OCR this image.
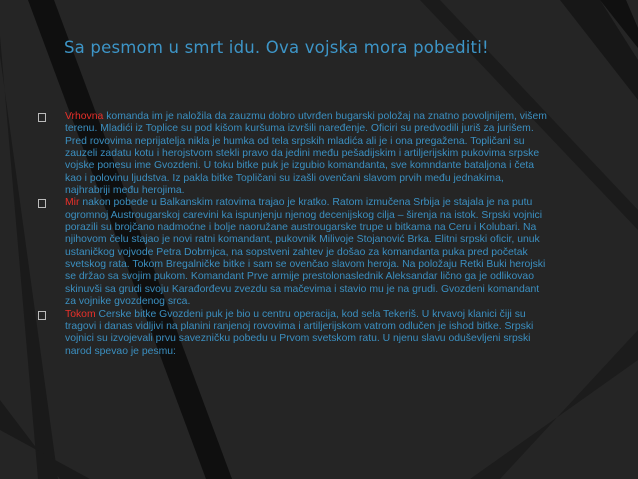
Sa pesmom u smrt idu. Ova vojska mora pobediti!
Vrhovna komanda im je naložila da zauzmu dobro utvrđen bugarski položaj na znatno povoljnijem, višem terenu. Mladići iz Toplice su pod kišom kuršuma izvršili naređenje. Oficiri su predvodili juriš za jurišem. Pred rovovima neprijatelja nikla je humka od tela srpskih mladića ali je i ona pregažena. Topličani su zauzeli zadatu kotu i herojstvom stekli pravo da jedini među pešadijskim i artiljerijskim pukovima srpske vojske ponesu ime Gvozdeni. U toku bitke puk je izgubio komandanta, sve komndante bataljona i četa kao i polovinu ljudstva. Iz pakla bitke Topličani su izašli ovenčani slavom prvih među jednakima, najhrabriji među herojima.
Mir nakon pobede u Balkanskim ratovima trajao je kratko. Ratom izmučena Srbija je stajala je na putu ogromnoj Austrougarskoj carevini ka ispunjenju njenog decenijskog cilja – širenja na istok. Srpski vojnici porazili su brojčano nadmoćne i bolje naoružane austrougarske trupe u bitkama na Ceru i Kolubari. Na njihovom čelu stajao je novi ratni komandant, pukovnik Milivoje Stojanović Brka. Elitni srpski oficir, unuk ustaničkog vojvode Petra Dobrnjca, na sopstveni zahtev je došao za komandanta puka pred početak svetskog rata. Tokom Bregalničke bitke i sam se ovenčao slavom heroja. Na položaju Retki Buki herojski se držao sa svojim pukom. Komandant Prve armije prestolonaslednik Aleksandar lično ga je odlikovao skinuvši sa grudi svoju Karađorđevu zvezdu sa mačevima i stavio mu je na grudi. Gvozdeni komandant za vojnike gvozdenog srca.
Tokom Cerske bitke Gvozdeni puk je bio u centru operacija, kod sela Tekeriš. U krvavoj klanici čiji su tragovi i danas vidljivi na planini ranjenoj rovovima i artiljerijskom vatrom odlučen je ishod bitke. Srpski vojnici su izvojevali prvu savezničku pobedu u Prvom svetskom ratu. U njenu slavu oduševljeni srpski narod spevao je pesmu:
